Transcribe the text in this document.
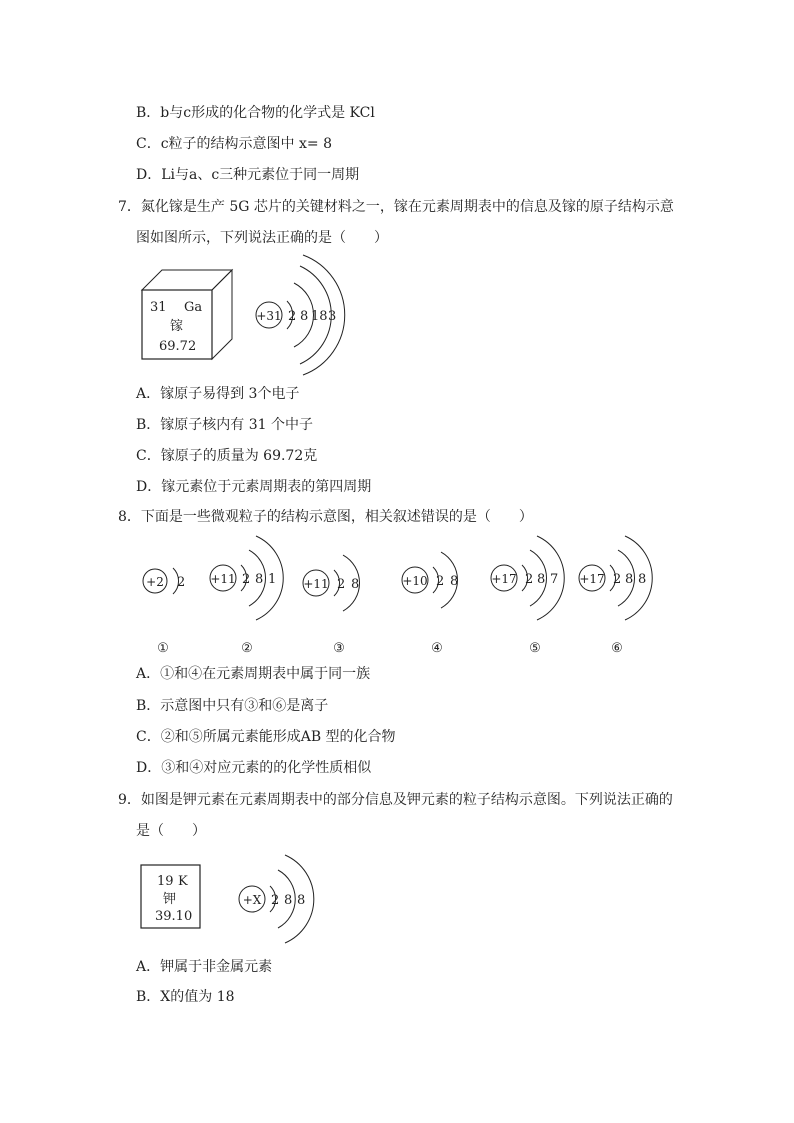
B．b与c形成的化合物的化学式是 KCl
C．c粒子的结构示意图中 x= 8
D．Li与a、c三种元素位于同一周期
7．氮化镓是生产 5G 芯片的关键材料之一，镓在元素周期表中的信息及镓的原子结构示意
图如图所示，下列说法正确的是（　　）
31 Ga
镓
69.72
+31 2 8 18 3
A．镓原子易得到 3个电子
B．镓原子核内有 31 个中子
C．镓原子的质量为 69.72克
D．镓元素位于元素周期表的第四周期
8．下面是一些微观粒子的结构示意图，相关叙述错误的是（　　）
+2 2
①
+11 2 8 1
②
+11 2 8
③
+10 2 8
④
+17 2 8 7
⑤
+17 2 8 8
⑥
A．①和④在元素周期表中属于同一族
B．示意图中只有③和⑥是离子
C．②和⑤所属元素能形成AB 型的化合物
D．③和④对应元素的的化学性质相似
9．如图是钾元素在元素周期表中的部分信息及钾元素的粒子结构示意图。下列说法正确的
是（　　）
19 K
钾
39.10
+X 2 8 8
A．钾属于非金属元素
B．X的值为 18
